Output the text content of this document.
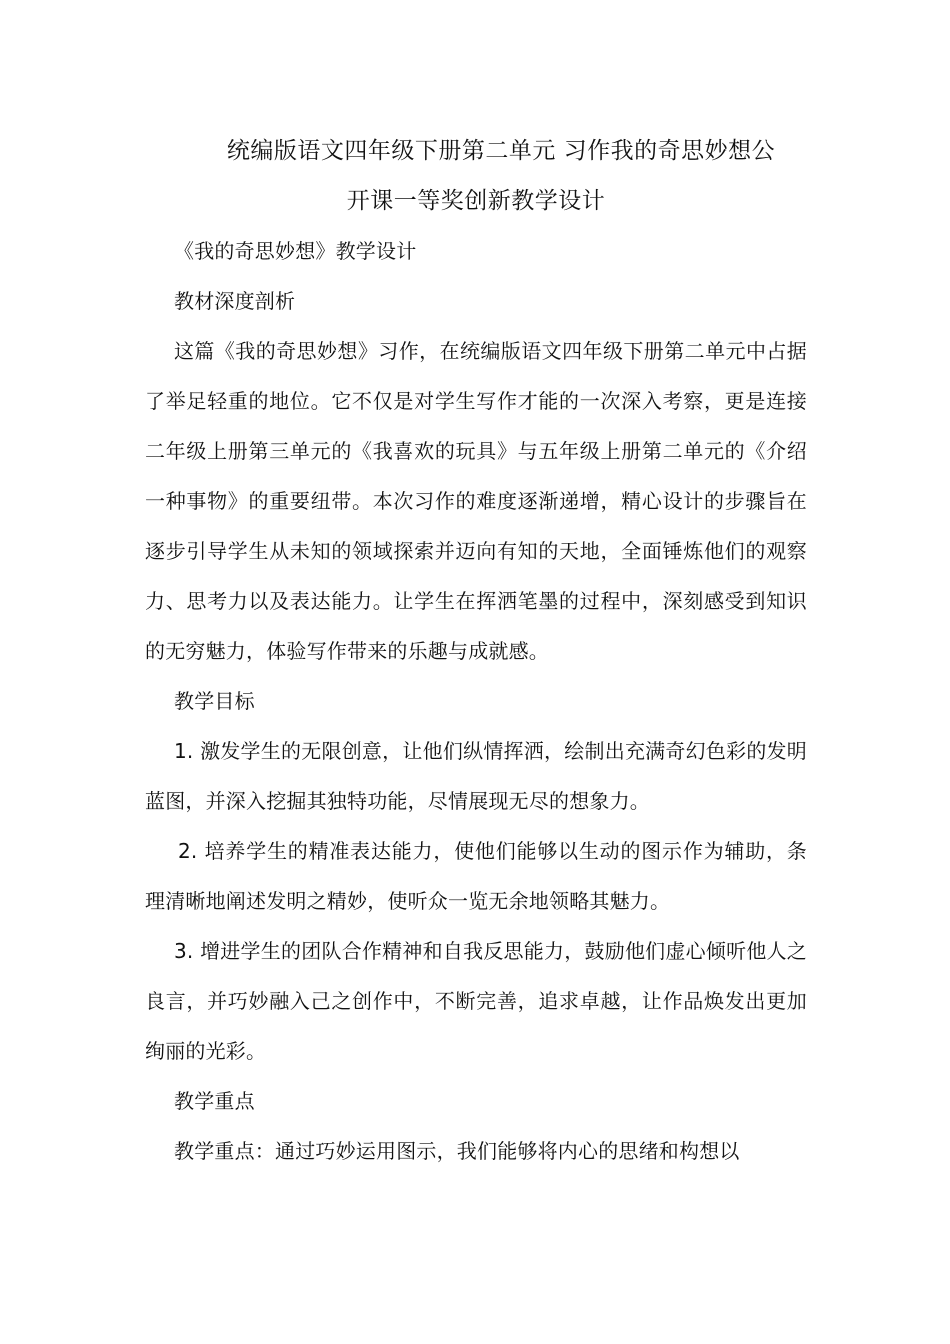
统编版语文四年级下册第二单元 习作我的奇思妙想公
开课一等奖创新教学设计

《我的奇思妙想》教学设计

教材深度剖析

这篇《我的奇思妙想》习作，在统编版语文四年级下册第二单元中占据了举足轻重的地位。它不仅是对学生写作才能的一次深入考察，更是连接二年级上册第三单元的《我喜欢的玩具》与五年级上册第二单元的《介绍一种事物》的重要纽带。本次习作的难度逐渐递增，精心设计的步骤旨在逐步引导学生从未知的领域探索并迈向有知的天地，全面锤炼他们的观察力、思考力以及表达能力。让学生在挥洒笔墨的过程中，深刻感受到知识的无穷魅力，体验写作带来的乐趣与成就感。

教学目标

1. 激发学生的无限创意，让他们纵情挥洒，绘制出充满奇幻色彩的发明蓝图，并深入挖掘其独特功能，尽情展现无尽的想象力。

2. 培养学生的精准表达能力，使他们能够以生动的图示作为辅助，条理清晰地阐述发明之精妙，使听众一览无余地领略其魅力。

3. 增进学生的团队合作精神和自我反思能力，鼓励他们虚心倾听他人之良言，并巧妙融入己之创作中，不断完善，追求卓越，让作品焕发出更加绚丽的光彩。

教学重点

教学重点：通过巧妙运用图示，我们能够将内心的思绪和构想以
